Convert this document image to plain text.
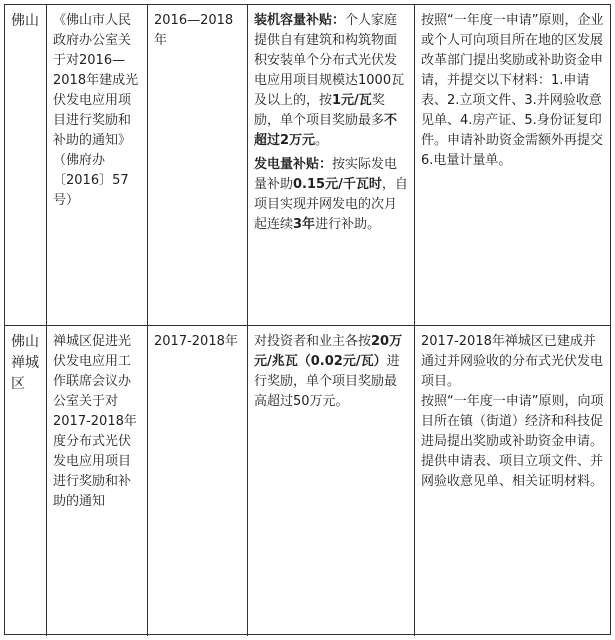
佛山	《佛山市人民政府办公室关于对2016—2018年建成光伏发电应用项目进行奖励和补助的通知》（佛府办〔2016〕57号）
2016—2018年

装机容量补贴：个人家庭提供自有建筑和构筑物面积安装单个分布式光伏发电应用项目规模达1000瓦及以上的，按1元/瓦奖励，单个项目奖励最多不超过2万元。

发电量补贴：按实际发电量补助0.15元/千瓦时，自项目实现并网发电的次月起连续3年进行补助。

按照“一年度一申请”原则，企业或个人可向项目所在地的区发展改革部门提出奖励或补助资金申请，并提交以下材料：1.申请表、2.立项文件、3.并网验收意见单、4.房产证、5.身份证复印件。申请补助资金需额外再提交6.电量计量单。
佛山禅城区
禅城区促进光伏发电应用工作联席会议办公室关于对2017-2018年度分布式光伏发电应用项目进行奖励和补助的通知
2017-2018年	对投资者和业主各按20万元/兆瓦（0.02元/瓦）进行奖励，单个项目奖励最高超过50万元。

2017-2018年禅城区已建成并通过并网验收的分布式光伏发电项目。

按照“一年度一申请”原则，向项目所在镇（街道）经济和科技促进局提出奖励或补助资金申请。提供申请表、项目立项文件、并网验收意见单、相关证明材料。
